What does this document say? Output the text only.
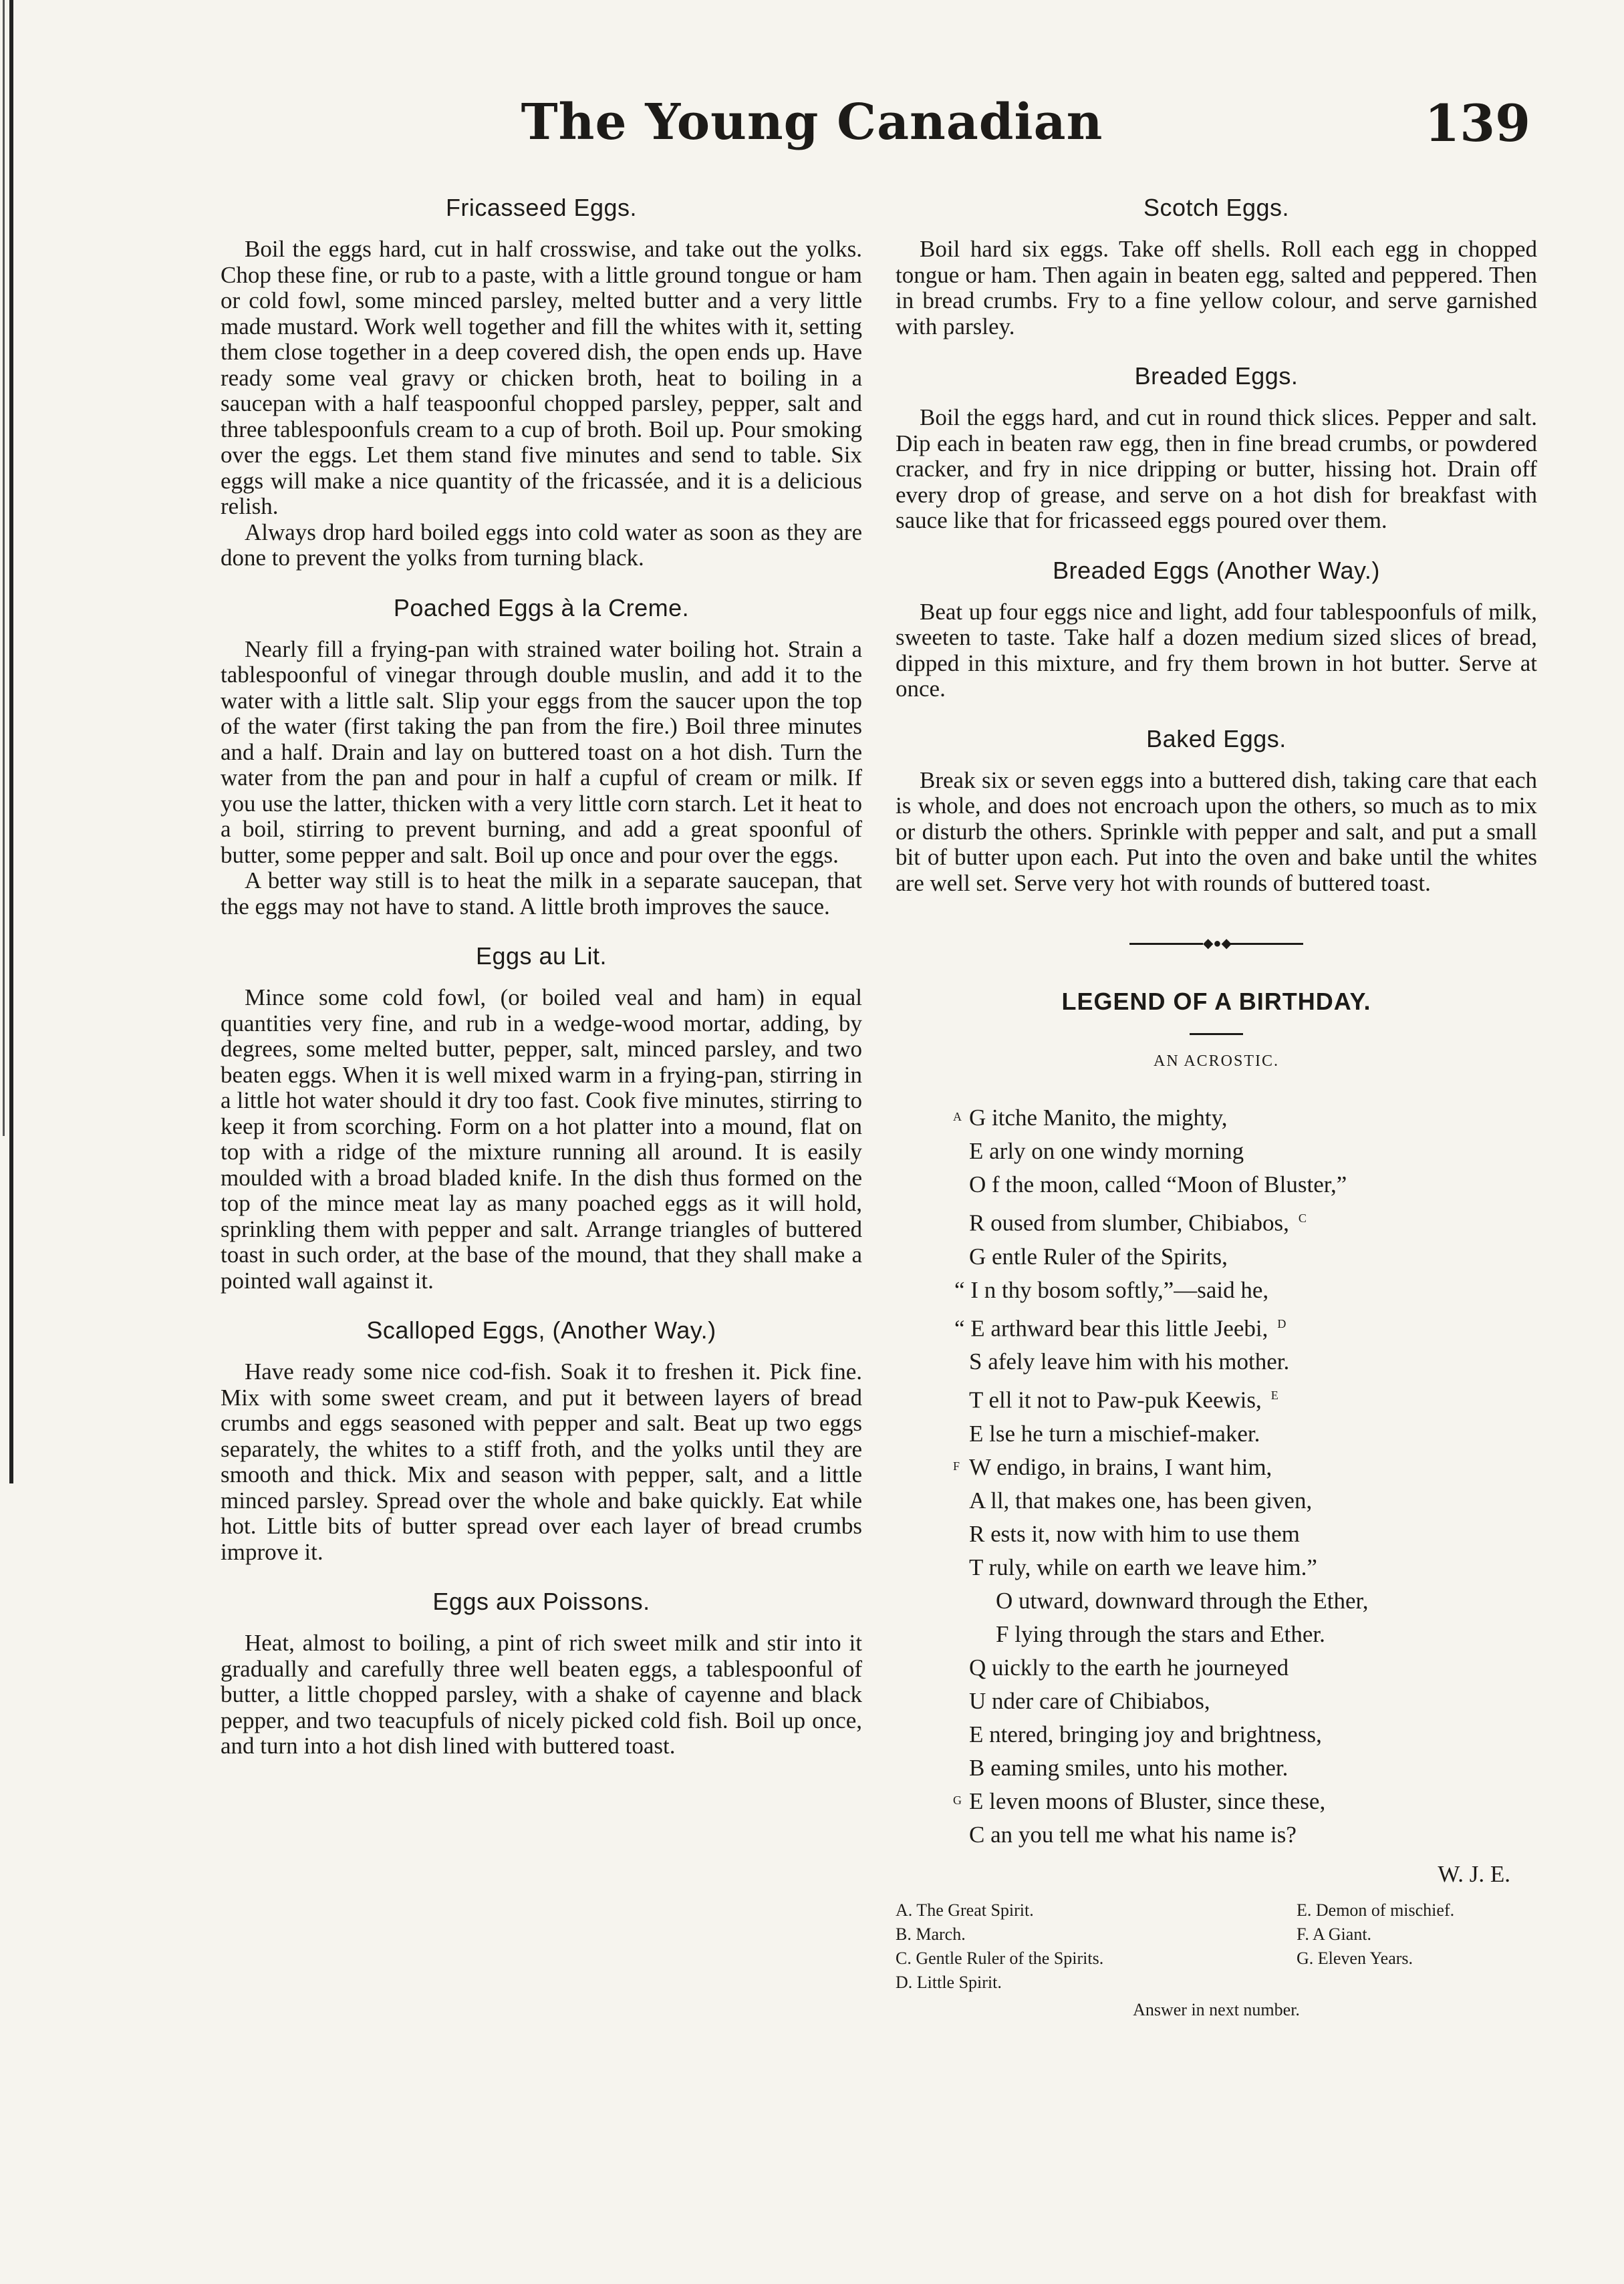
The Young Canadian	139
Fricasseed Eggs.

Boil the eggs hard, cut in half crosswise, and take out the yolks. Chop these fine, or rub to a paste, with a little ground tongue or ham or cold fowl, some minced parsley, melted butter and a very little made mustard. Work well together and fill the whites with it, setting them close together in a deep covered dish, the open ends up. Have ready some veal gravy or chicken broth, heat to boiling in a saucepan with a half teaspoonful chopped parsley, pepper, salt and three tablespoonfuls cream to a cup of broth. Boil up. Pour smoking over the eggs. Let them stand five minutes and send to table. Six eggs will make a nice quantity of the fricassée, and it is a delicious relish.

Always drop hard boiled eggs into cold water as soon as they are done to prevent the yolks from turning black.

Poached Eggs à la Creme.

Nearly fill a frying-pan with strained water boiling hot. Strain a tablespoonful of vinegar through double muslin, and add it to the water with a little salt. Slip your eggs from the saucer upon the top of the water (first taking the pan from the fire.) Boil three minutes and a half. Drain and lay on buttered toast on a hot dish. Turn the water from the pan and pour in half a cupful of cream or milk. If you use the latter, thicken with a very little corn starch. Let it heat to a boil, stirring to prevent burning, and add a great spoonful of butter, some pepper and salt. Boil up once and pour over the eggs.

A better way still is to heat the milk in a separate saucepan, that the eggs may not have to stand. A little broth improves the sauce.

Eggs au Lit.

Mince some cold fowl, (or boiled veal and ham) in equal quantities very fine, and rub in a wedge-wood mortar, adding, by degrees, some melted butter, pepper, salt, minced parsley, and two beaten eggs. When it is well mixed warm in a frying-pan, stirring in a little hot water should it dry too fast. Cook five minutes, stirring to keep it from scorching. Form on a hot platter into a mound, flat on top with a ridge of the mixture running all around. It is easily moulded with a broad bladed knife. In the dish thus formed on the top of the mince meat lay as many poached eggs as it will hold, sprinkling them with pepper and salt. Arrange triangles of buttered toast in such order, at the base of the mound, that they shall make a pointed wall against it.

Scalloped Eggs, (Another Way.)

Have ready some nice cod-fish. Soak it to freshen it. Pick fine. Mix with some sweet cream, and put it between layers of bread crumbs and eggs seasoned with pepper and salt. Beat up two eggs separately, the whites to a stiff froth, and the yolks until they are smooth and thick. Mix and season with pepper, salt, and a little minced parsley. Spread over the whole and bake quickly. Eat while hot. Little bits of butter spread over each layer of bread crumbs improve it.

Eggs aux Poissons.

Heat, almost to boiling, a pint of rich sweet milk and stir into it gradually and carefully three well beaten eggs, a tablespoonful of butter, a little chopped parsley, with a shake of cayenne and black pepper, and two teacupfuls of nicely picked cold fish. Boil up once, and turn into a hot dish lined with buttered toast.

Scotch Eggs.

Boil hard six eggs. Take off shells. Roll each egg in chopped tongue or ham. Then again in beaten egg, salted and peppered. Then in bread crumbs. Fry to a fine yellow colour, and serve garnished with parsley.

Breaded Eggs.

Boil the eggs hard, and cut in round thick slices. Pepper and salt. Dip each in beaten raw egg, then in fine bread crumbs, or powdered cracker, and fry in nice dripping or butter, hissing hot. Drain off every drop of grease, and serve on a hot dish for breakfast with sauce like that for fricasseed eggs poured over them.

Breaded Eggs (Another Way.)

Beat up four eggs nice and light, add four tablespoonfuls of milk, sweeten to taste. Take half a dozen medium sized slices of bread, dipped in this mixture, and fry them brown in hot butter. Serve at once.

Baked Eggs.

Break six or seven eggs into a buttered dish, taking care that each is whole, and does not encroach upon the others, so much as to mix or disturb the others. Sprinkle with pepper and salt, and put a small bit of butter upon each. Put into the oven and bake until the whites are well set. Serve very hot with rounds of buttered toast.

◆●◆
LEGEND OF A BIRTHDAY.
AN ACROSTIC.
A G itche Manito, the mighty,
E arly on one windy morning
O f the moon, called “Moon of Bluster,”
R oused from slumber, Chibiabos, $^C$
G entle Ruler of the Spirits,
“ I n thy bosom softly,”—said he,
“ E arthward bear this little Jeebi, $^D$
S afely leave him with his mother.
T ell it not to Paw-puk Keewis, $^E$
E lse he turn a mischief-maker.
F W endigo, in brains, I want him,
A ll, that makes one, has been given,
R ests it, now with him to use them
T ruly, while on earth we leave him.”
O utward, downward through the Ether,
F lying through the stars and Ether.
Q uickly to the earth he journeyed
U nder care of Chibiabos,
E ntered, bringing joy and brightness,
B eaming smiles, unto his mother.
G E leven moons of Bluster, since these,
C an you tell me what his name is?
W. J. E.
A. The Great Spirit.	E. Demon of mischief.
B. March.	F. A Giant.
C. Gentle Ruler of the Spirits.	G. Eleven Years.
D. Little Spirit.
Answer in next number.
